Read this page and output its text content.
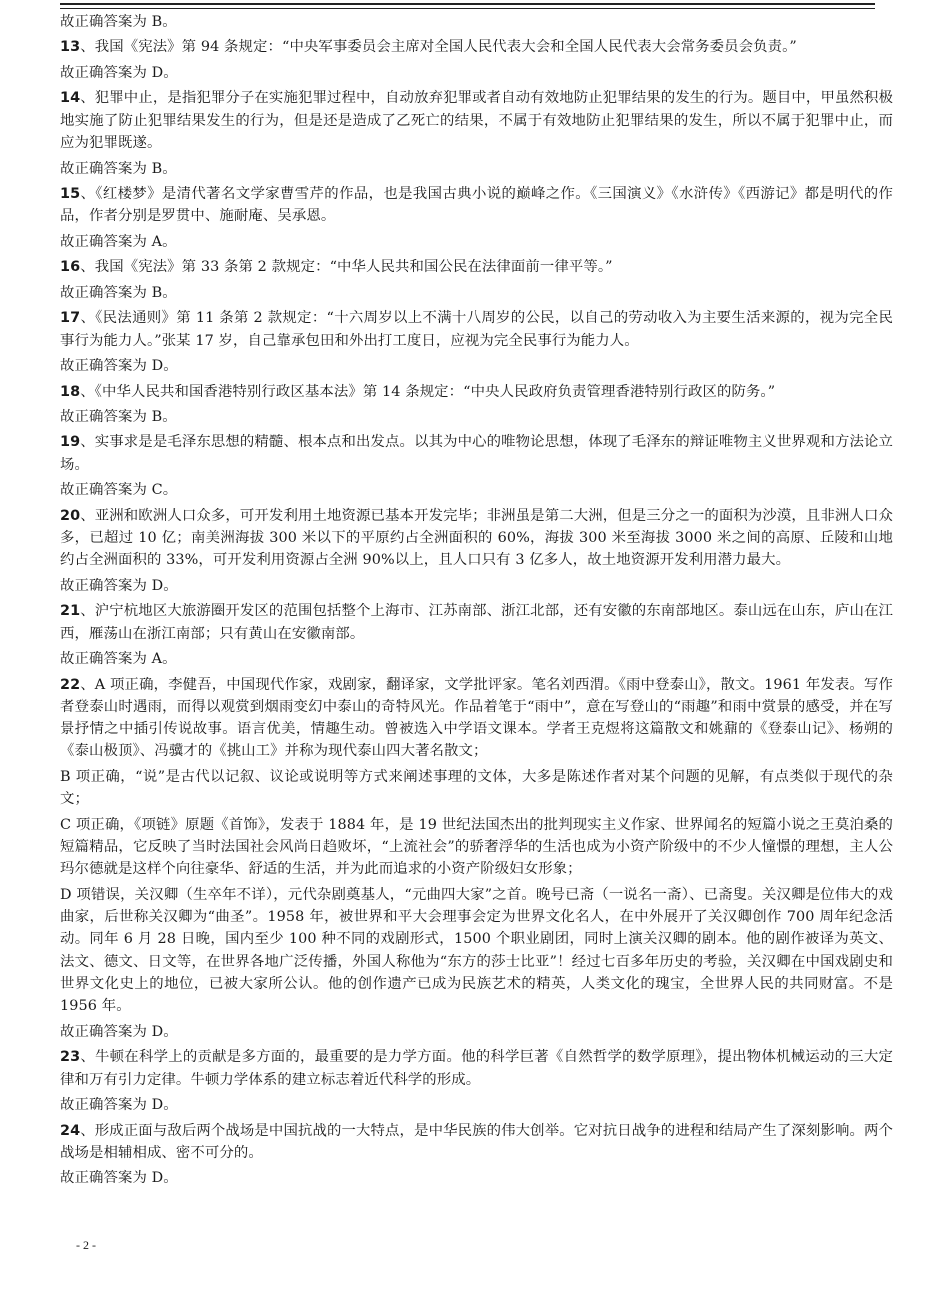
故正确答案为 B。
13、我国《宪法》第 94 条规定：“中央军事委员会主席对全国人民代表大会和全国人民代表大会常务委员会负责。”
故正确答案为 D。
14、犯罪中止，是指犯罪分子在实施犯罪过程中，自动放弃犯罪或者自动有效地防止犯罪结果的发生的行为。题目中，甲虽然积极地实施了防止犯罪结果发生的行为，但是还是造成了乙死亡的结果，不属于有效地防止犯罪结果的发生，所以不属于犯罪中止，而应为犯罪既遂。
故正确答案为 B。
15、《红楼梦》是清代著名文学家曹雪芹的作品，也是我国古典小说的巅峰之作。《三国演义》《水浒传》《西游记》都是明代的作品，作者分别是罗贯中、施耐庵、吴承恩。
故正确答案为 A。
16、我国《宪法》第 33 条第 2 款规定：“中华人民共和国公民在法律面前一律平等。”
故正确答案为 B。
17、《民法通则》第 11 条第 2 款规定：“十六周岁以上不满十八周岁的公民，以自己的劳动收入为主要生活来源的，视为完全民事行为能力人。”张某 17 岁，自己靠承包田和外出打工度日，应视为完全民事行为能力人。
故正确答案为 D。
18、《中华人民共和国香港特别行政区基本法》第 14 条规定：“中央人民政府负责管理香港特别行政区的防务。”
故正确答案为 B。
19、实事求是是毛泽东思想的精髓、根本点和出发点。以其为中心的唯物论思想，体现了毛泽东的辩证唯物主义世界观和方法论立场。
故正确答案为 C。
20、亚洲和欧洲人口众多，可开发利用土地资源已基本开发完毕；非洲虽是第二大洲，但是三分之一的面积为沙漠，且非洲人口众多，已超过 10 亿；南美洲海拔 300 米以下的平原约占全洲面积的 60%，海拔 300 米至海拔 3000 米之间的高原、丘陵和山地约占全洲面积的 33%，可开发利用资源占全洲 90%以上，且人口只有 3 亿多人，故土地资源开发利用潜力最大。
故正确答案为 D。
21、沪宁杭地区大旅游圈开发区的范围包括整个上海市、江苏南部、浙江北部，还有安徽的东南部地区。泰山远在山东，庐山在江西，雁荡山在浙江南部；只有黄山在安徽南部。
故正确答案为 A。
22、A 项正确，李健吾，中国现代作家，戏剧家，翻译家，文学批评家。笔名刘西渭。《雨中登泰山》，散文。1961 年发表。写作者登泰山时遇雨，而得以观赏到烟雨变幻中泰山的奇特风光。作品着笔于“雨中”，意在写登山的“雨趣”和雨中赏景的感受，并在写景抒情之中插引传说故事。语言优美，情趣生动。曾被选入中学语文课本。学者王克煜将这篇散文和姚鼐的《登泰山记》、杨朔的《泰山极顶》、冯骥才的《挑山工》并称为现代泰山四大著名散文；
B 项正确，“说”是古代以记叙、议论或说明等方式来阐述事理的文体，大多是陈述作者对某个问题的见解，有点类似于现代的杂文；
C 项正确，《项链》原题《首饰》，发表于 1884 年，是 19 世纪法国杰出的批判现实主义作家、世界闻名的短篇小说之王莫泊桑的短篇精品，它反映了当时法国社会风尚日趋败坏，“上流社会”的骄奢浮华的生活也成为小资产阶级中的不少人憧憬的理想，主人公玛尔德就是这样个向往豪华、舒适的生活，并为此而追求的小资产阶级妇女形象；
D 项错误，关汉卿（生卒年不详），元代杂剧奠基人，“元曲四大家”之首。晚号已斋（一说名一斋）、已斋叟。关汉卿是位伟大的戏曲家，后世称关汉卿为“曲圣”。1958 年，被世界和平大会理事会定为世界文化名人，在中外展开了关汉卿创作 700 周年纪念活动。同年 6 月 28 日晚，国内至少 100 种不同的戏剧形式，1500 个职业剧团，同时上演关汉卿的剧本。他的剧作被译为英文、法文、德文、日文等，在世界各地广泛传播，外国人称他为“东方的莎士比亚”！经过七百多年历史的考验，关汉卿在中国戏剧史和世界文化史上的地位，已被大家所公认。他的创作遗产已成为民族艺术的精英，人类文化的瑰宝，全世界人民的共同财富。不是 1956 年。
故正确答案为 D。
23、牛顿在科学上的贡献是多方面的，最重要的是力学方面。他的科学巨著《自然哲学的数学原理》，提出物体机械运动的三大定律和万有引力定律。牛顿力学体系的建立标志着近代科学的形成。
故正确答案为 D。
24、形成正面与敌后两个战场是中国抗战的一大特点，是中华民族的伟大创举。它对抗日战争的进程和结局产生了深刻影响。两个战场是相辅相成、密不可分的。
故正确答案为 D。
- 2 -
